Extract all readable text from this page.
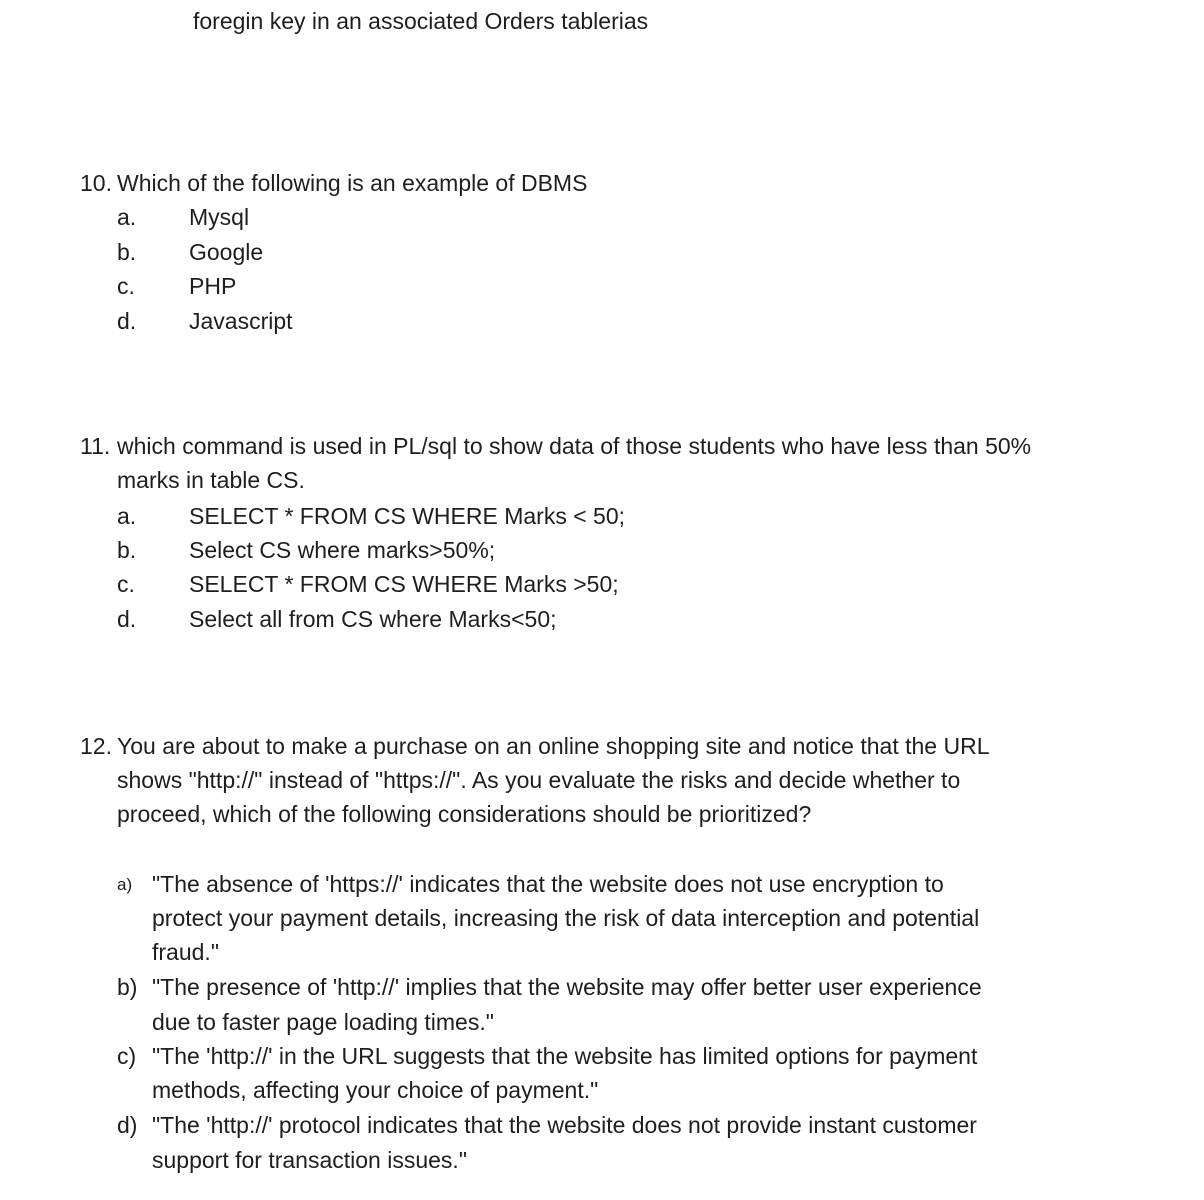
foregin key in an associated Orders tablerias
10. Which of the following is an example of DBMS
a. Mysql
b. Google
c. PHP
d. Javascript
11. which command is used in PL/sql to show data of those students who have less than 50%
marks in table CS.
a. SELECT * FROM CS WHERE Marks < 50;
b. Select CS where marks>50%;
c. SELECT * FROM CS WHERE Marks >50;
d. Select all from CS where Marks<50;
12. You are about to make a purchase on an online shopping site and notice that the URL
shows "http://" instead of "https://". As you evaluate the risks and decide whether to
proceed, which of the following considerations should be prioritized?
a) "The absence of 'https://' indicates that the website does not use encryption to
protect your payment details, increasing the risk of data interception and potential
fraud."
b) "The presence of 'http://' implies that the website may offer better user experience
due to faster page loading times."
c) "The 'http://' in the URL suggests that the website has limited options for payment
methods, affecting your choice of payment."
d) "The 'http://' protocol indicates that the website does not provide instant customer
support for transaction issues."
